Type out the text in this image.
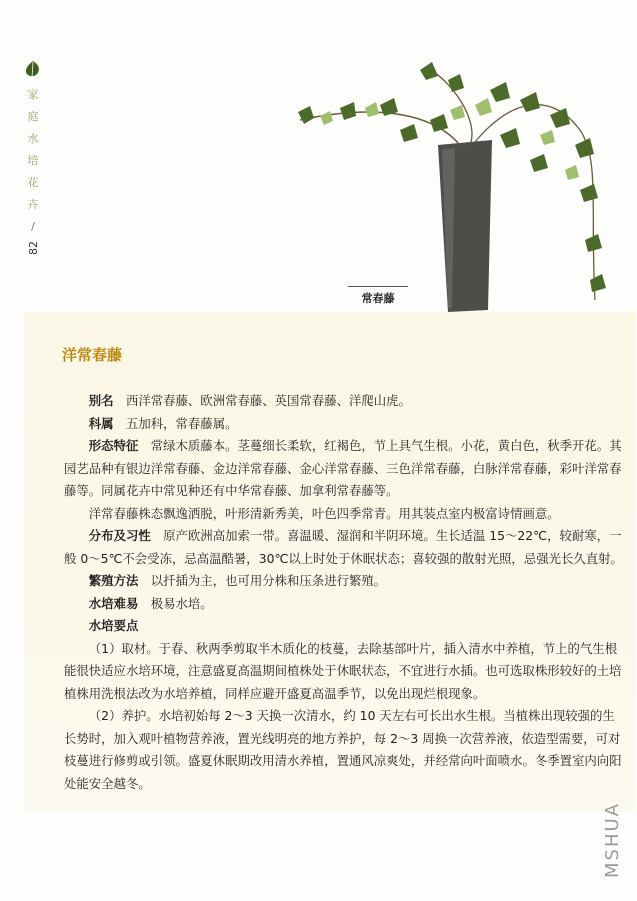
家
庭
水
培
花
卉
/
82
常春藤
洋常春藤

别名　 西洋常春藤、欧洲常春藤、英国常春藤、洋爬山虎。

科属　 五加科，常春藤属。

形态特征　 常绿木质藤本。茎蔓细长柔软，红褐色，节上具气生根。小花，黄白色，秋季开花。其园艺品种有银边洋常春藤、金边洋常春藤、金心洋常春藤、三色洋常春藤，白脉洋常春藤，彩叶洋常春藤等。同属花卉中常见种还有中华常春藤、加拿利常春藤等。

洋常春藤株态飘逸洒脱，叶形清新秀美，叶色四季常青。用其装点室内极富诗情画意。

分布及习性　 原产欧洲高加索一带。喜温暖、湿润和半阴环境。生长适温 15～22℃，较耐寒，一般 0～5℃不会受冻，忌高温酷暑，30℃以上时处于休眠状态；喜较强的散射光照，忌强光长久直射。

繁殖方法　 以扦插为主，也可用分株和压条进行繁殖。

水培难易　 极易水培。

水培要点

（1）取材。于春、秋两季剪取半木质化的枝蔓，去除基部叶片，插入清水中养植，节上的气生根能很快适应水培环境，注意盛夏高温期间植株处于休眠状态，不宜进行水插。也可选取株形较好的土培植株用洗根法改为水培养植，同样应避开盛夏高温季节，以免出现烂根现象。

（2）养护。水培初始每 2～3 天换一次清水，约 10 天左右可长出水生根。当植株出现较强的生长势时，加入观叶植物营养液，置光线明亮的地方养护，每 2～3 周换一次营养液，依造型需要，可对枝蔓进行修剪或引领。盛夏休眠期改用清水养植，置通风凉爽处，并经常向叶面喷水。冬季置室内向阳处能安全越冬。

MSHUA
